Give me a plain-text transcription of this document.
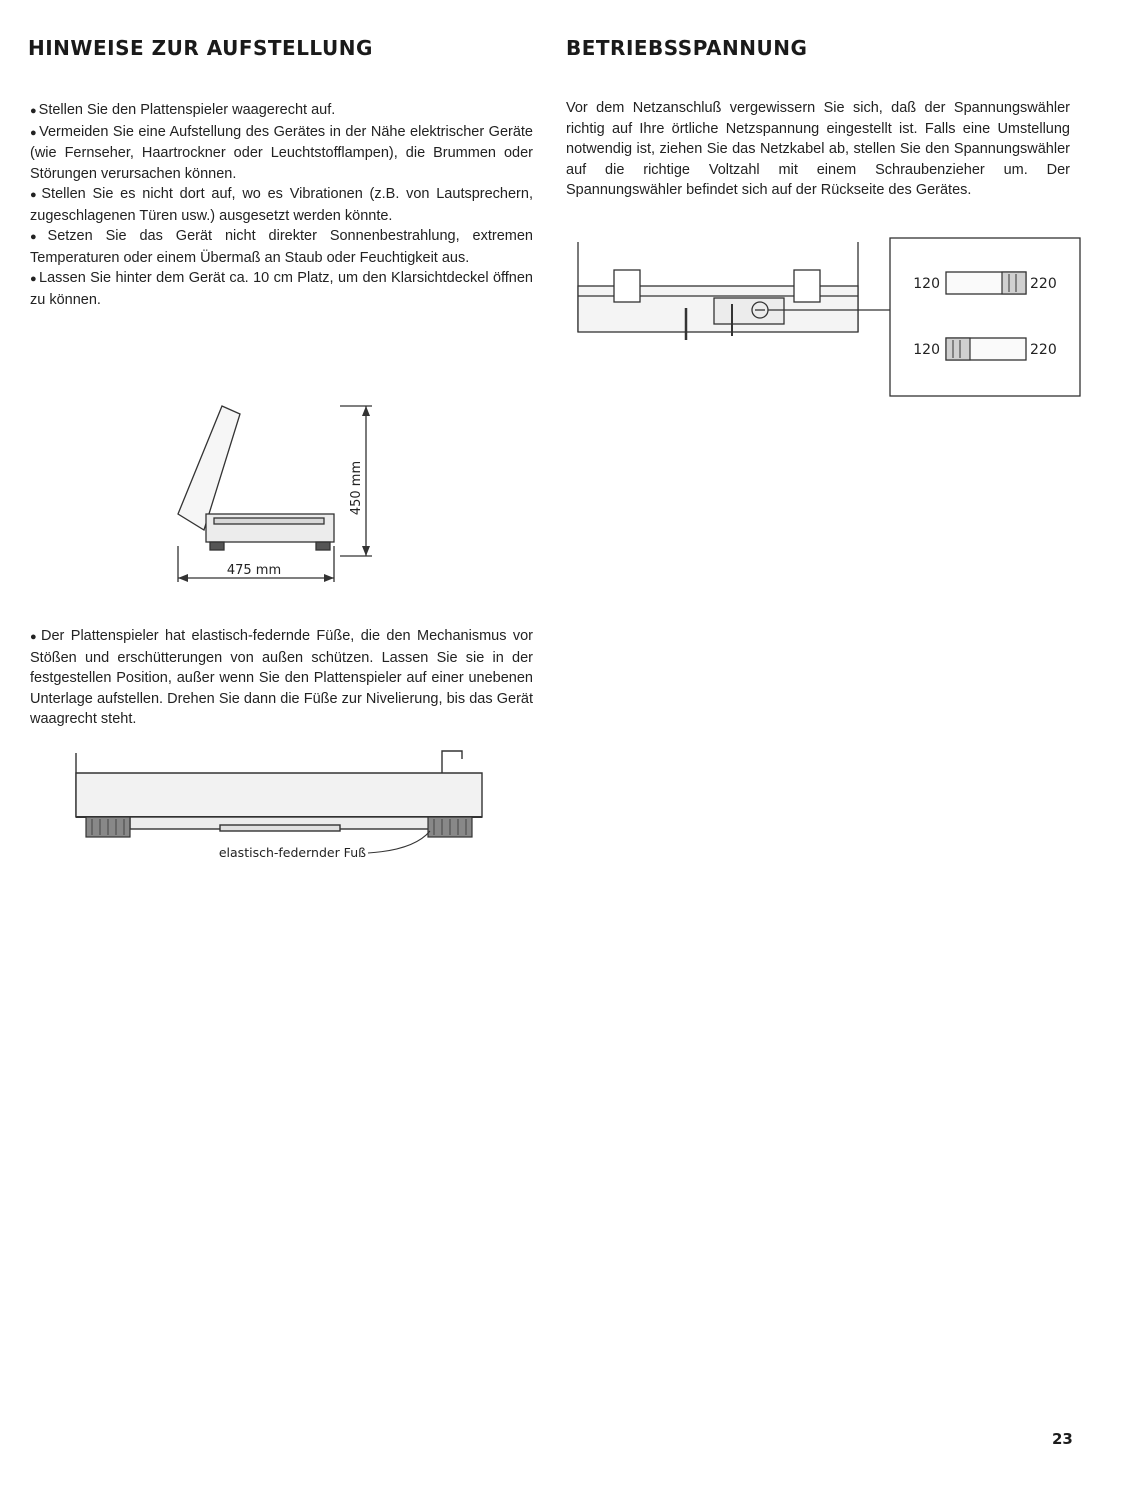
HINWEISE ZUR AUFSTELLUNG	BETRIEBSSPANNUNG

● Stellen Sie den Plattenspieler waagerecht auf.

● Vermeiden Sie eine Aufstellung des Gerätes in der Nähe elektrischer Geräte (wie Fernseher, Haartrockner oder Leuchtstofflampen), die Brummen oder Störungen verursachen können.

● Stellen Sie es nicht dort auf, wo es Vibrationen (z.B. von Lautsprechern, zugeschlagenen Türen usw.) ausgesetzt werden könnte.

● Setzen Sie das Gerät nicht direkter Sonnenbestrahlung, extremen Temperaturen oder einem Übermaß an Staub oder Feuchtigkeit aus.

● Lassen Sie hinter dem Gerät ca. 10 cm Platz, um den Klarsichtdeckel öffnen zu können.

Vor dem Netzanschluß vergewissern Sie sich, daß der Spannungswähler richtig auf Ihre örtliche Netzspannung eingestellt ist. Falls eine Umstellung notwendig ist, ziehen Sie das Netzkabel ab, stellen Sie den Spannungswähler auf die richtige Voltzahl mit einem Schraubenzieher um. Der Spannungswähler befindet sich auf der Rückseite des Gerätes.

450 mm
475 mm

● Der Plattenspieler hat elastisch-federnde Füße, die den Mechanismus vor Stößen und erschütterungen von außen schützen. Lassen Sie sie in der festgestellen Position, außer wenn Sie den Plattenspieler auf einer unebenen Unterlage aufstellen. Drehen Sie dann die Füße zur Nivelierung, bis das Gerät waagrecht steht.

elastisch-federnder Fuß
120	220
120	220
23
